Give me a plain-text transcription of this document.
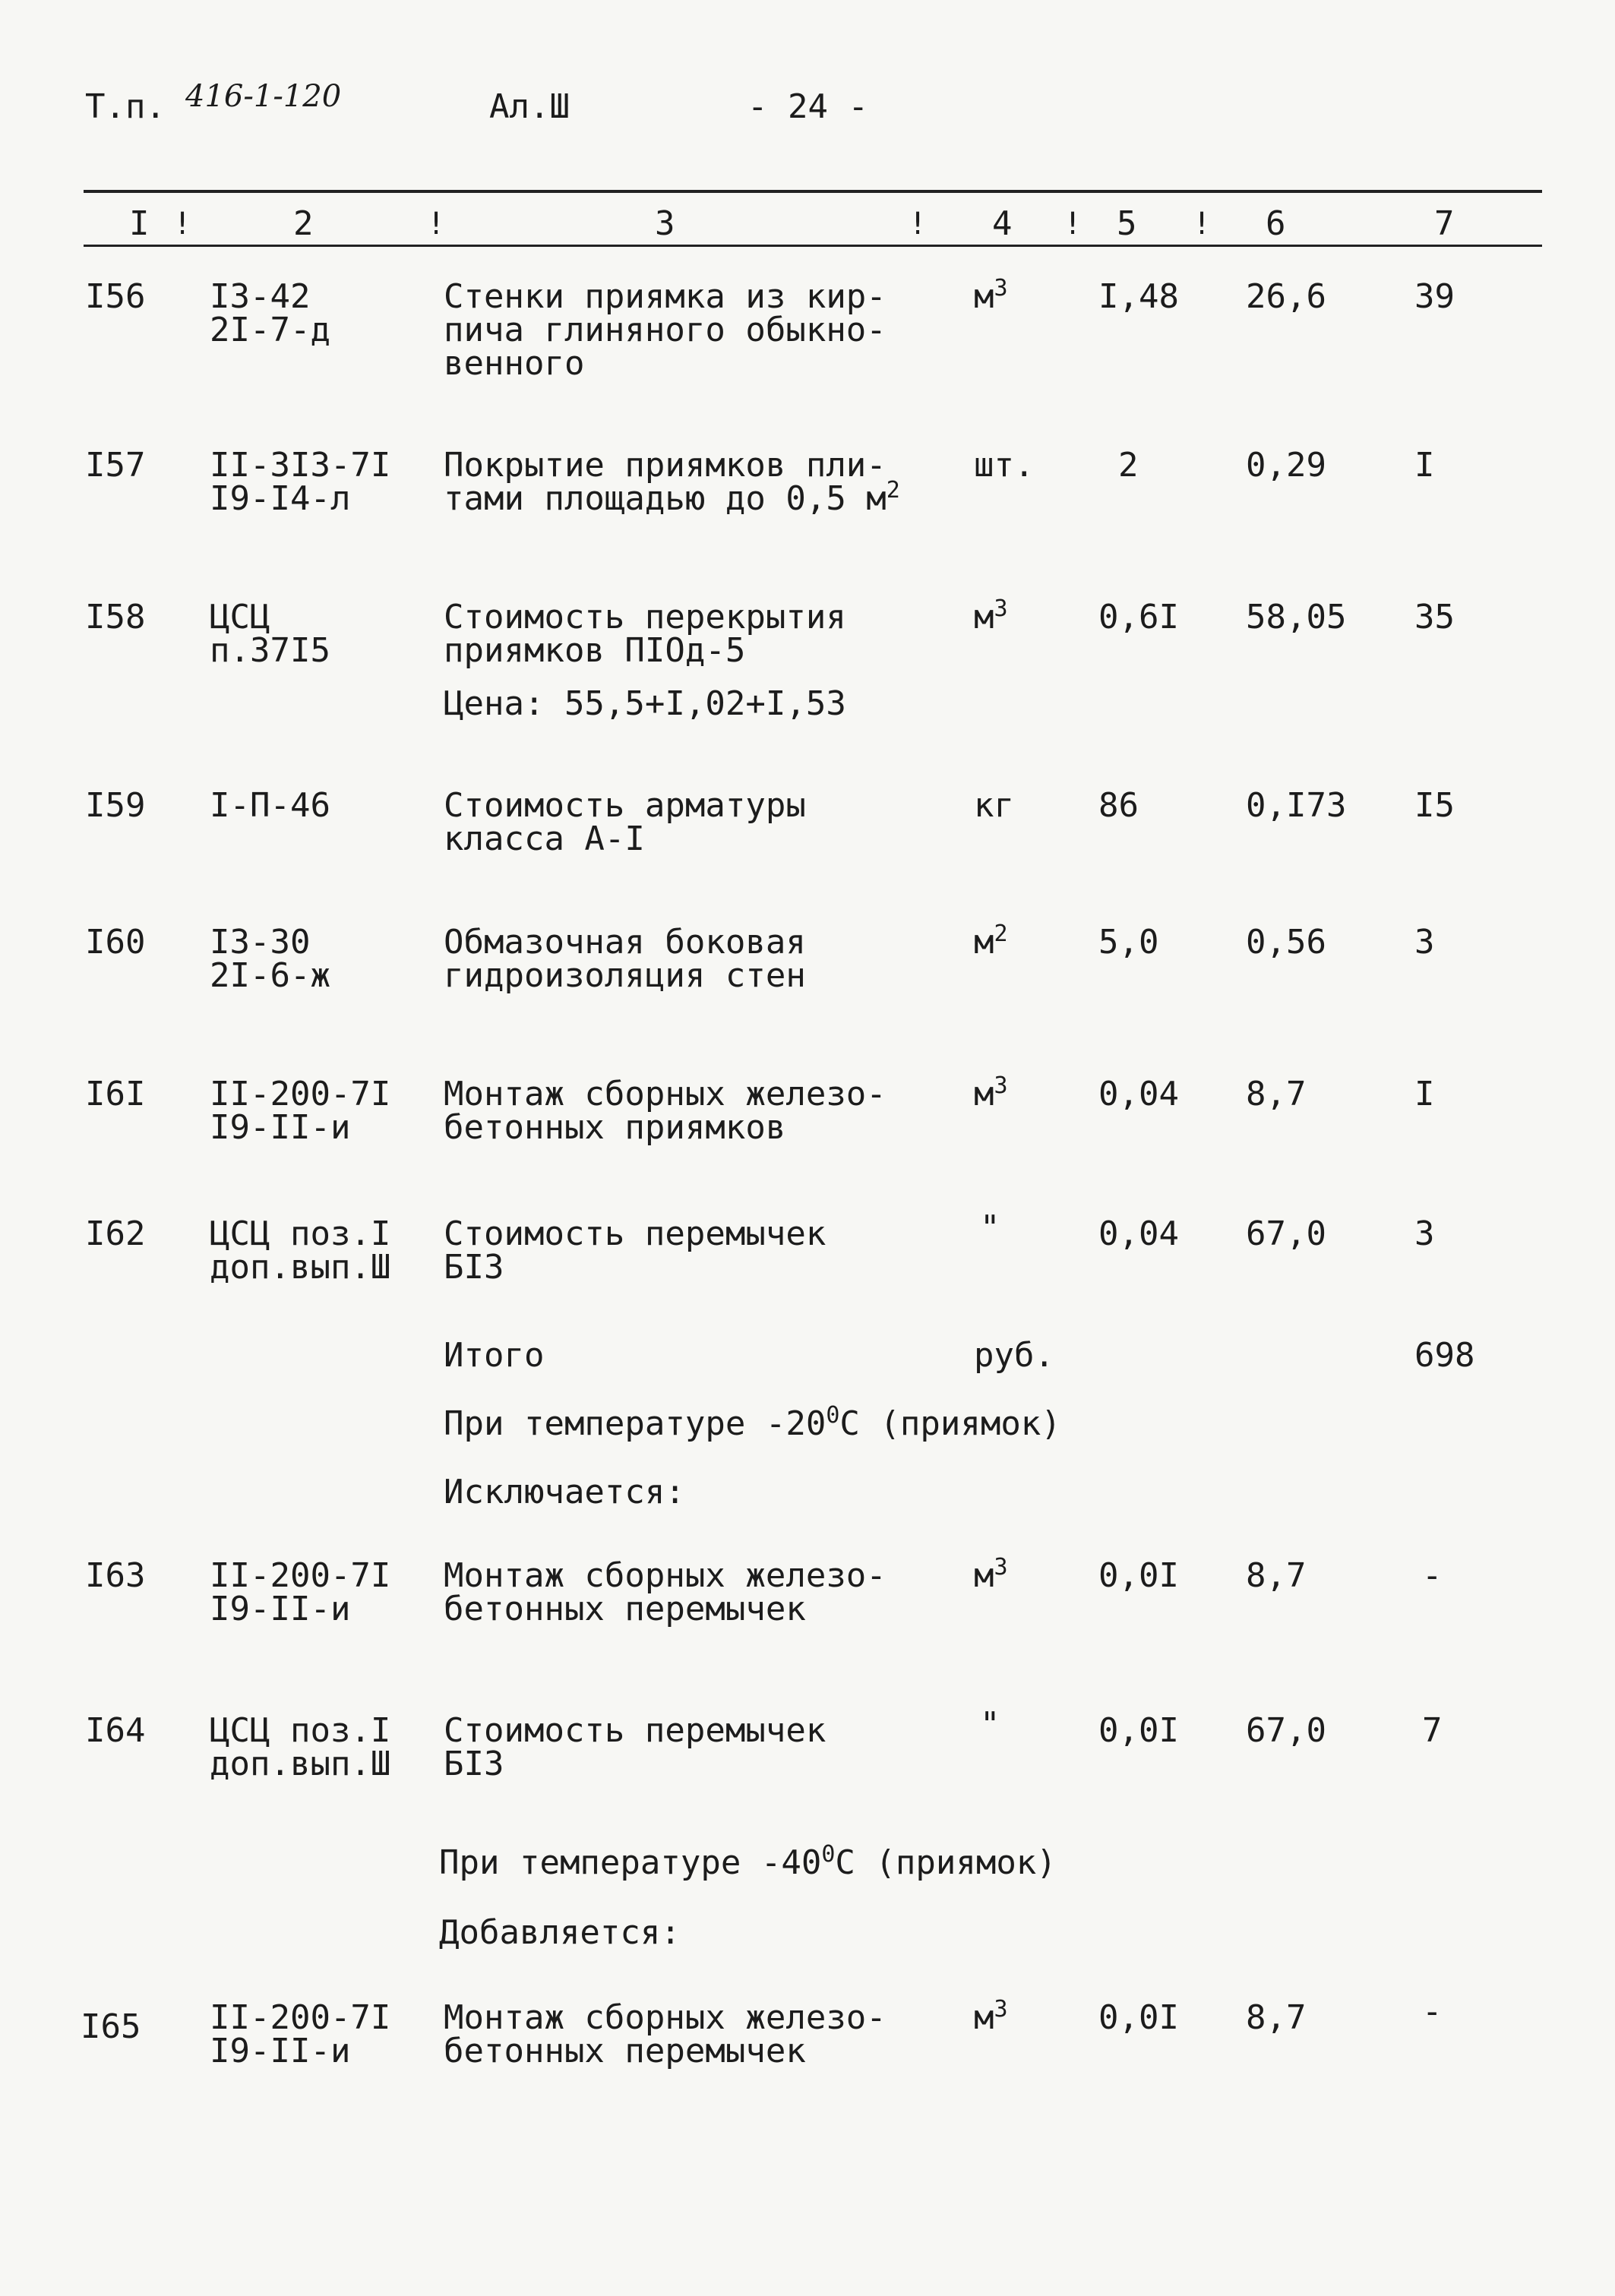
Т.п. 416-1-120	Ал.Ш	- 24 -
I !	2	!	3	! 4 ! 5 ! 6	7
I56 I3-42
2I-7-д
Стенки приямка из кир-
пича глиняного обыкно-
венного
$м^3$	I,48 26,6	39
I57 II-3I3-7I
I9-I4-л
Покрытие приямков пли-
тами площадью до 0,5 $м^2$
шт.	2	0,29	I
I58 ЦСЦ
п.37I5
Стоимость перекрытия
приямков ПIОд-5
Цена: 55,5+I,02+I,53
$м^3$	0,6I 58,05 35
I59 I-П-46	Стоимость арматуры
класса А-I
кг	86	0,I73 I5
I60 I3-30
2I-6-ж
Обмазочная боковая
гидроизоляция стен
$м^2$	5,0	0,56	3
I6I II-200-7I
I9-II-и
Монтаж сборных железо-
бетонных приямков
$м^3$	0,04 8,7	I
I62 ЦСЦ поз.I
доп.вып.Ш
Стоимость перемычек
БI3
"	0,04 67,0	3
Итого	руб.	698
При температуре $-20^0С$ (приямок)
Исключается:
I63 II-200-7I
I9-II-и
Монтаж сборных железо-
бетонных перемычек
$м^3$	0,0I 8,7	-
I64 ЦСЦ поз.I
доп.вып.Ш
Стоимость перемычек
БI3
"	0,0I 67,0	7
При температуре $-40^0С$ (приямок)
Добавляется:
I65 II-200-7I
I9-II-и
Монтаж сборных железо-
бетонных перемычек
$м^3$	0,0I 8,7	-
